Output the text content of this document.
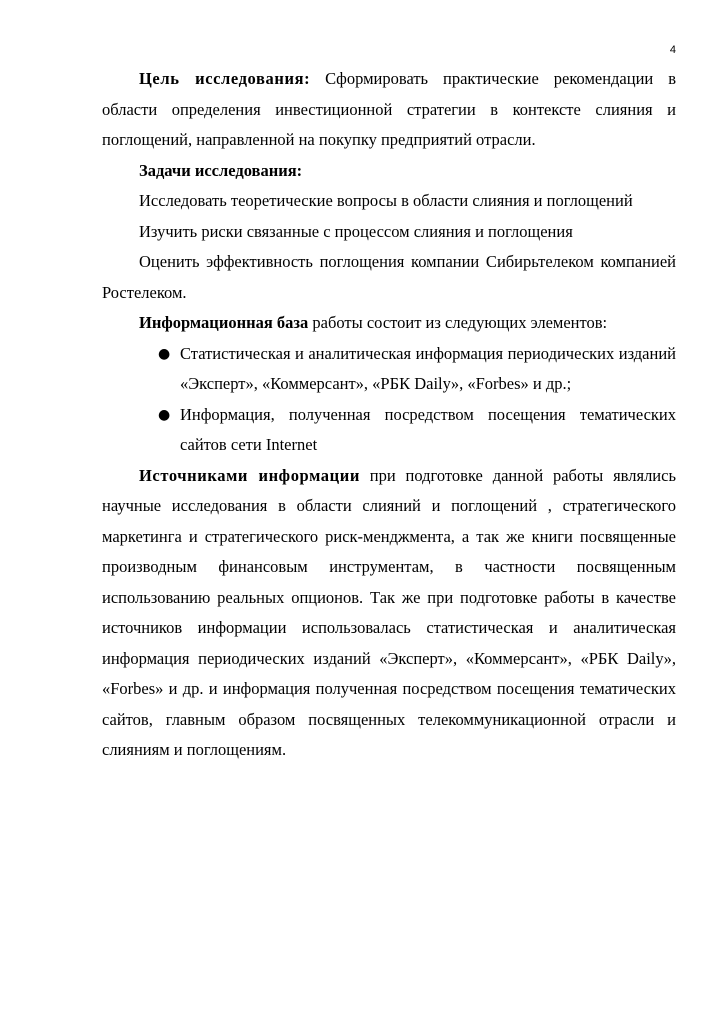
4

Цель исследования: Сформировать практические рекомендации в области определения инвестиционной стратегии в контексте слияния и поглощений, направленной на покупку предприятий отрасли.

Задачи исследования:

Исследовать теоретические вопросы в области слияния и поглощений

Изучить риски связанные с процессом слияния и поглощения

Оценить эффективность поглощения компании Сибирьтелеком компанией Ростелеком.

Информационная база работы состоит из следующих элементов:

● Статистическая и аналитическая информация периодических изданий «Эксперт», «Коммерсант», «РБК Daily», «Forbes» и др.;
● Информация, полученная посредством посещения тематических сайтов сети Internet

Источниками информации при подготовке данной работы являлись научные исследования в области слияний и поглощений , стратегического маркетинга и стратегического риск-менджмента, а так же книги посвященные производным финансовым инструментам, в частности посвященным использованию реальных опционов. Так же при подготовке работы в качестве источников информации использовалась статистическая и аналитическая информация периодических изданий «Эксперт», «Коммерсант», «РБК Daily», «Forbes» и др. и информация полученная посредством посещения тематических сайтов, главным образом посвященных телекоммуникационной отрасли и слияниям и поглощениям.
